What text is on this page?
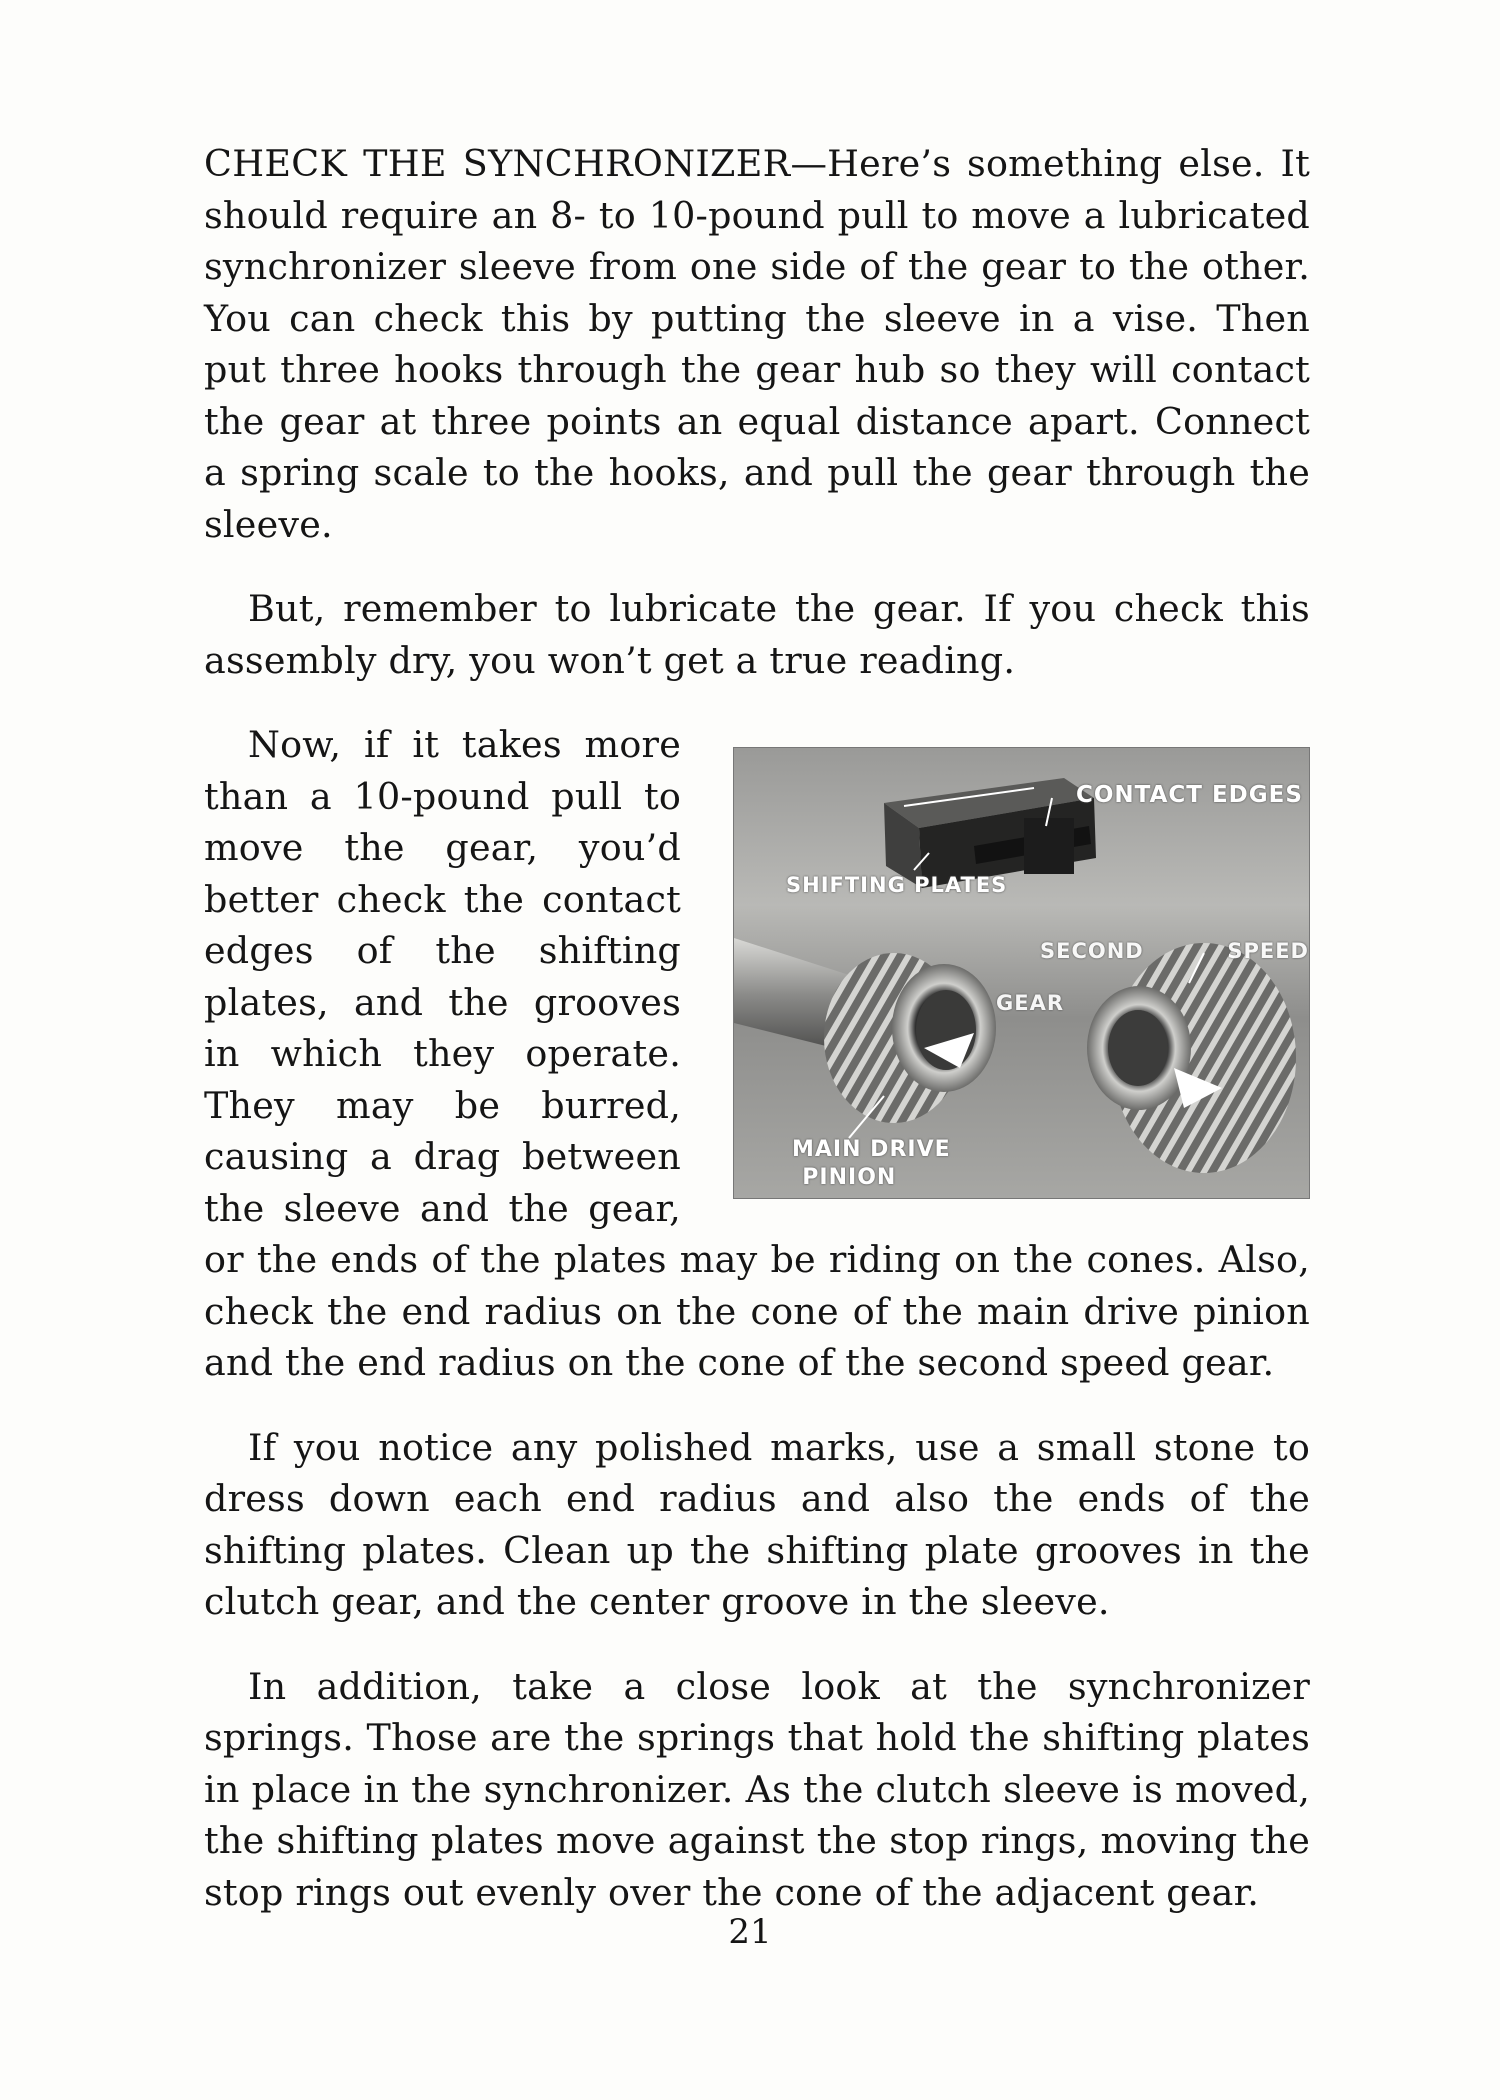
CHECK THE SYNCHRONIZER—Here’s something else. It should require an 8- to 10-pound pull to move a lubricated synchronizer sleeve from one side of the gear to the other. You can check this by putting the sleeve in a vise. Then put three hooks through the gear hub so they will contact the gear at three points an equal distance apart. Connect a spring scale to the hooks, and pull the gear through the sleeve.

But, remember to lubricate the gear. If you check this assembly dry, you won’t get a true reading.

CONTACT EDGES
SHIFTING PLATES
SECOND SPEED GEAR
MAIN DRIVE
PINION
Now, if it takes more than a 10-pound pull to move the gear, you’d better check the contact edges of the shifting plates, and the grooves in which they operate. They may be burred, causing a drag between the sleeve and the gear, or the ends of the plates may be riding on the cones. Also, check the end radius on the cone of the main drive pinion and the end radius on the cone of the second speed gear.

If you notice any polished marks, use a small stone to dress down each end radius and also the ends of the shifting plates. Clean up the shifting plate grooves in the clutch gear, and the center groove in the sleeve.

In addition, take a close look at the synchronizer springs. Those are the springs that hold the shifting plates in place in the synchronizer. As the clutch sleeve is moved, the shifting plates move against the stop rings, moving the stop rings out evenly over the cone of the adjacent gear.

21
